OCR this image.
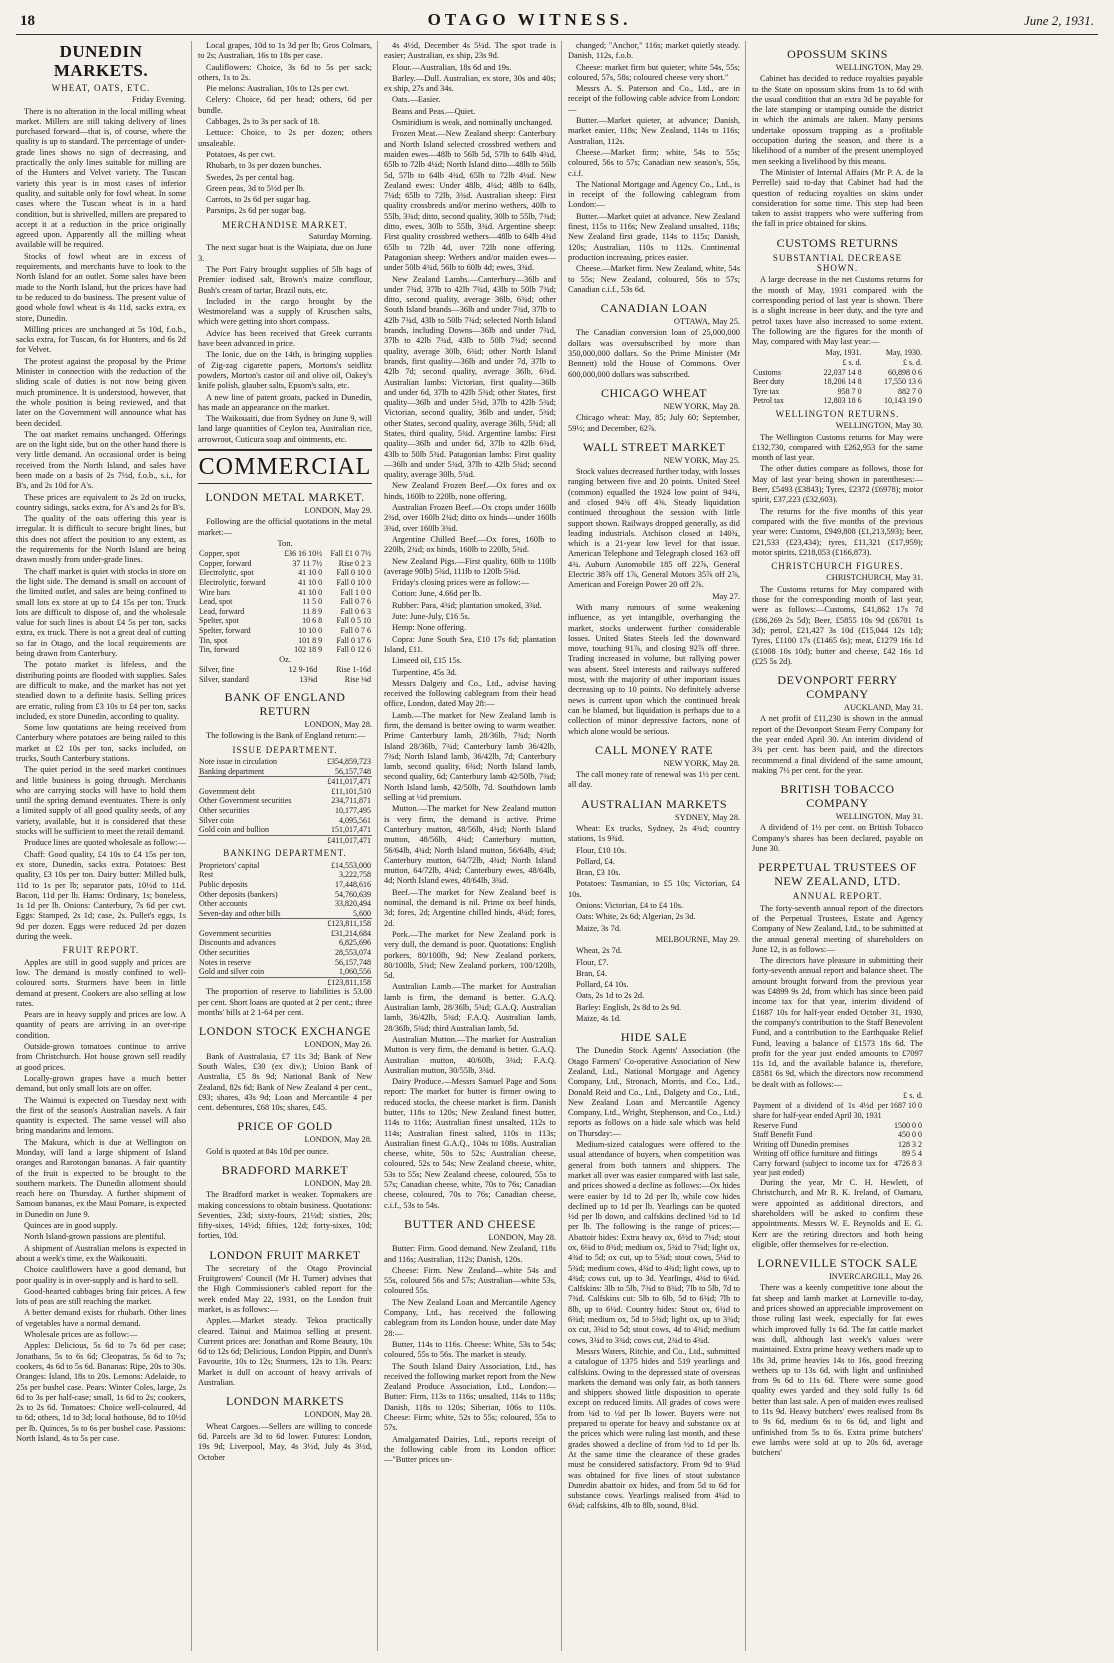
18	OTAGO WITNESS.	June 2, 1931.
DUNEDIN MARKETS.
WHEAT, OATS, ETC.
Friday Evening.

There is no alteration in the local milling wheat market. Millers are still taking delivery of lines purchased forward—that is, of course, where the quality is up to standard. The percentage of under-grade lines shows no sign of decreasing, and practically the only lines suitable for milling are of the Hunters and Velvet variety. The Tuscan variety this year is in most cases of inferior quality, and suitable only for fowl wheat. In some cases where the Tuscan wheat is in a hard condition, but is shrivelled, millers are prepared to accept it at a reduction in the price originally agreed upon. Apparently all the milling wheat available will be required.

Stocks of fowl wheat are in excess of requirements, and merchants have to look to the North Island for an outlet. Some sales have been made to the North Island, but the prices have had to be reduced to do business. The present value of good whole fowl wheat is 4s 11d, sacks extra, ex store, Dunedin.

Milling prices are unchanged at 5s 10d, f.o.b., sacks extra, for Tuscan, 6s for Hunters, and 6s 2d for Velvet.

The protest against the proposal by the Prime Minister in connection with the reduction of the sliding scale of duties is not now being given much prominence. It is understood, however, that the whole position is being reviewed, and that later on the Government will announce what has been decided.

The oat market remains unchanged. Offerings are on the light side, but on the other hand there is very little demand. An occasional order is being received from the North Island, and sales have been made on a basis of 2s 7½d, f.o.b., s.i., for B's, and 2s 10d for A's.

These prices are equivalent to 2s 2d on trucks, country sidings, sacks extra, for A's and 2s for B's.

The quality of the oats offering this year is irregular. It is difficult to secure bright lines, but this does not affect the position to any extent, as the requirements for the North Island are being drawn mostly from under-grade lines.

The chaff market is quiet with stocks in store on the light side. The demand is small on account of the limited outlet, and sales are being confined to small lots ex store at up to £4 15s per ton. Truck lots are difficult to dispose of, and the wholesale value for such lines is about £4 5s per ton, sacks extra, ex truck. There is not a great deal of cutting so far in Otago, and the local requirements are being drawn from Canterbury.

The potato market is lifeless, and the distributing points are flooded with supplies. Sales are difficult to make, and the market has not yet steadied down to a definite basis. Selling prices are erratic, ruling from £3 10s to £4 per ton, sacks included, ex store Dunedin, according to quality.

Some low quotations are being received from Canterbury where potatoes are being railed to this market at £2 10s per ton, sacks included, on trucks, South Canterbury stations.

The quiet period in the seed market continues and little business is going through. Merchants who are carrying stocks will have to hold them until the spring demand eventuates. There is only a limited supply of all good quality seeds, of any variety, available, but it is considered that these stocks will be sufficient to meet the retail demand.

Produce lines are quoted wholesale as follow:—

Chaff: Good quality, £4 10s to £4 15s per ton, ex store, Dunedin, sacks extra. Potatoes: Best quality, £3 10s per ton. Dairy butter: Milled bulk, 11d to 1s per lb; separator pats, 10½d to 11d. Bacon, 11d per lb. Hams: Ordinary, 1s; boneless, 1s 1d per lb. Onions: Canterbury, 7s 6d per cwt. Eggs: Stamped, 2s 1d; case, 2s. Pullet's eggs, 1s 9d per dozen. Eggs were reduced 2d per dozen during the week.

FRUIT REPORT.

Apples are still in good supply and prices are low. The demand is mostly confined to well-coloured sorts. Sturmers have been in little demand at present. Cookers are also selling at low rates.

Pears are in heavy supply and prices are low. A quantity of pears are arriving in an over-ripe condition.

Outside-grown tomatoes continue to arrive from Christchurch. Hot house grown sell readily at good prices.

Locally-grown grapes have a much better demand, but only small lots are on offer.

The Waimui is expected on Tuesday next with the first of the season's Australian navels. A fair quantity is expected. The same vessel will also bring mandarins and lemons.

The Makura, which is due at Wellington on Monday, will land a large shipment of Island oranges and Rarotongan bananas. A fair quantity of the fruit is expected to be brought to the southern markets. The Dunedin allotment should reach here on Thursday. A further shipment of Samoan bananas, ex the Maui Pomare, is expected in Dunedin on June 9.

Quinces are in good supply.

North Island-grown passions are plentiful.

A shipment of Australian melons is expected in about a week's time, ex the Waikouaiti.

Choice cauliflowers have a good demand, but poor quality is in over-supply and is hard to sell.

Good-hearted cabbages bring fair prices. A few lots of peas are still reaching the market.

A better demand exists for rhubarb. Other lines of vegetables have a normal demand.

Wholesale prices are as follow:—

Apples: Delicious, 5s 6d to 7s 6d per case; Jonathans, 5s to 6s 6d; Cleopatras, 5s 6d to 7s; cookers, 4s 6d to 5s 6d. Bananas: Ripe, 20s to 30s. Oranges: Island, 18s to 20s. Lemons: Adelaide, to 25s per bushel case. Pears: Winter Coles, large, 2s 6d to 3s per half-case; small, 1s 6d to 2s; cookers, 2s to 2s 6d. Tomatoes: Choice well-coloured, 4d to 6d; others, 1d to 3d; local hothouse, 8d to 10½d per lb. Quinces, 5s to 6s per bushel case. Passions: North Island, 4s to 5s per case.

Local grapes, 10d to 1s 3d per lb; Gros Colmars, to 2s; Australian, 16s to 18s per case.

Cauliflowers: Choice, 3s 6d to 5s per sack; others, 1s to 2s.

Pie melons: Australian, 10s to 12s per cwt.

Celery: Choice, 6d per head; others, 6d per bundle.

Cabbages, 2s to 3s per sack of 18.

Lettuce: Choice, to 2s per dozen; others unsaleable.

Potatoes, 4s per cwt.

Rhubarb, to 3s per dozen bunches.

Swedes, 2s per cental bag.

Green peas, 3d to 5½d per lb.

Carrots, to 2s 6d per sugar bag.

Parsnips, 2s 6d per sugar bag.

MERCHANDISE MARKET.
Saturday Morning.

The next sugar boat is the Waipiata, due on June 3.

The Port Fairy brought supplies of 5lb bags of Premier iodised salt, Brown's maize cornflour, Bush's cream of tartar, Brazil nuts, etc.

Included in the cargo brought by the Westmoreland was a supply of Kruschen salts, which were getting into short compass.

Advice has been received that Greek currants have been advanced in price.

The Ionic, due on the 14th, is bringing supplies of Zig-zag cigarette papers, Mortons's seidlitz powders, Morton's castor oil and olive oil, Oakey's knife polish, glauber salts, Epsom's salts, etc.

A new line of patent groats, packed in Dunedin, has made an appearance on the market.

The Waikouaiti, due from Sydney on June 9, will land large quantities of Ceylon tea, Australian rice, arrowroot, Cuticura soap and ointments, etc.

COMMERCIAL
LONDON METAL MARKET.
LONDON, May 29.

Following are the official quotations in the metal market:—

Ton.
Copper, spot	£36 16 10½	Fall £1 0 7½
Copper, forward	37 11 7½	Rise 0 2 3
Electrolytic, spot	41 10 0	Fall 0 10 0
Electrolytic, forward	41 10 0	Fall 0 10 0
Wire bars	41 10 0	Fall 1 0 0
Lead, spot	11 5 0	Fall 0 7 6
Lead, forward	11 8 9	Fall 0 6 3
Spelter, spot	10 6 8	Fall 0 5 10
Spelter, forward	10 10 0	Fall 0 7 6
Tin, spot	101 8 9	Fall 0 17 6
Tin, forward	102 18 9	Fall 0 12 6
Oz.
Silver, fine	12 9-16d	Rise 1-16d
Silver, standard	13⅜d	Rise ⅛d
BANK OF ENGLAND RETURN
LONDON, May 28.

The following is the Bank of England return:—

ISSUE DEPARTMENT.
Note issue in circulation	£354,859,723
Banking department	56,157,748
	£411,017,471
Government debt	£11,101,510
Other Government securities	234,711,871
Other securities	10,177,495
Silver coin	4,095,561
Gold coin and bullion	151,017,471
	£411,017,471
BANKING DEPARTMENT.
Proprietors' capital	£14,553,000
Rest	3,222,758
Public deposits	17,448,616
Other deposits (bankers)	54,760,639
Other accounts	33,820,494
Seven-day and other bills	5,600
	£123,811,158
Government securities	£31,214,684
Discounts and advances	6,825,696
Other securities	28,553,074
Notes in reserve	56,157,748
Gold and silver coin	1,060,556
	£123,811,158

The proportion of reserve to liabilities is 53.00 per cent. Short loans are quoted at 2 per cent.; three months' bills at 2 1-64 per cent.

LONDON STOCK EXCHANGE
LONDON, May 26.

Bank of Australasia, £7 11s 3d; Bank of New South Wales, £30 (ex div.); Union Bank of Australia, £5 8s 9d; National Bank of New Zealand, 82s 6d; Bank of New Zealand 4 per cent., £93; shares, 43s 9d; Loan and Mercantile 4 per cent. debentures, £68 10s; shares, £45.

PRICE OF GOLD
LONDON, May 28.

Gold is quoted at 84s 10d per ounce.

BRADFORD MARKET
LONDON, May 28.

The Bradford market is weaker. Topmakers are making concessions to obtain business. Quotations: Seventies, 23d; sixty-fours, 21½d; sixties, 20s; fifty-sixes, 14½d; fifties, 12d; forty-sixes, 10d; forties, 10d.

LONDON FRUIT MARKET

The secretary of the Otago Provincial Fruitgrowers' Council (Mr H. Turner) advises that the High Commissioner's cabled report for the week ended May 22, 1931, on the London fruit market, is as follows:—

Apples.—Market steady. Tekoa practically cleared. Tainui and Maimoa selling at present. Current prices are: Jonathan and Rome Beauty, 10s 6d to 12s 6d; Delicious, London Pippin, and Dunn's Favourite, 10s to 12s; Sturmers, 12s to 13s. Pears: Market is dull on account of heavy arrivals of Australian.

LONDON MARKETS
LONDON, May 28.

Wheat Cargoes.—Sellers are willing to concede 6d. Parcels are 3d to 6d lower. Futures: London, 19s 9d; Liverpool, May, 4s 3½d, July 4s 3½d, October

4s 4½d, December 4s 5¼d. The spot trade is easier; Australian, ex ship, 23s 9d.

Flour.—Australian, 18s 6d and 19s.

Barley.—Dull. Australian, ex store, 30s and 40s; ex ship, 27s and 34s.

Oats.—Easier.

Beans and Peas.—Quiet.

Osmiridium is weak, and nominally unchanged.

Frozen Meat.—New Zealand sheep: Canterbury and North Island selected crossbred wethers and maiden ewes—48lb to 56lb 5d, 57lb to 64lb 4¾d, 65lb to 72lb 4¼d; North Island ditto—48lb to 56lb 5d, 57lb to 64lb 4¾d, 65lb to 72lb 4¼d. New Zealand ewes: Under 48lb, 4¼d; 48lb to 64lb, 7¼d; 65lb to 72lb, 3¾d. Australian sheep: First quality crossbreds and/or merino wethers, 40lb to 55lb, 3¾d; ditto, second quality, 30lb to 55lb, 7¾d; ditto, ewes, 30lb to 55lb, 3¾d. Argentine sheep: First quality crossbred wethers—48lb to 64lb 4¾d 65lb to 72lb 4d, over 72lb none offering. Patagonian sheep: Wethers and/or maiden ewes—under 50lb 4¾d, 56lb to 60lb 4d; ewes, 3¾d.

New Zealand Lambs.—Canterbury—36lb and under 7¾d, 37lb to 42lb 7¾d, 43lb to 50lb 7¾d; ditto, second quality, average 36lb, 6¾d; other South Island brands—36lb and under 7¾d, 37lb to 42lb 7¾d, 43lb to 50lb 7¾d; selected North Island brands, including Downs—36lb and under 7¾d, 37lb to 42lb 7¾d, 43lb to 50lb 7¾d; second quality, average 30lb, 6¾d; other North Island brands, first quality—36lb and under 7d, 37lb to 42lb 7d; second quality, average 36lb, 6¾d. Australian lambs: Victorian, first quality—36lb and under 6d, 37lb to 42lb 5¾d; other States, first quality—36lb and under 5¾d, 37lb to 42lb 5¾d; Victorian, second quality, 36lb and under, 5¾d; other States, second quality, average 36lb, 5¾d; all States, third quality, 5¾d. Argentine lambs: First quality—36lb and under 6d, 37lb to 42lb 6¾d, 43lb to 50lb 5¾d. Patagonian lambs: First quality—36lb and under 5¾d, 37lb to 42lb 5¾d; second quality, average 30lb, 5¾d.

New Zealand Frozen Beef.—Ox fores and ox hinds, 160lb to 220lb, none offering.

Australian Frozen Beef.—Ox crops under 160lb 2¾d, over 160lb 2¾d; ditto ox hinds—under 160lb 3¾d, over 160lb 3¾d.

Argentine Chilled Beef.—Ox fores, 160lb to 220lb, 2¾d; ox hinds, 160lb to 220lb, 5¾d.

New Zealand Pigs.—First quality, 60lb to 110lb (average 90lb) 5¾d, 111lb to 120lb 5¾d.

Friday's closing prices were as follow:—

Cotton: June, 4.66d per lb.

Rubber: Para, 4¾d; plantation smoked, 3¾d.

Jute: June-July, £16 5s.

Hemp: None offering.

Copra: June South Sea, £10 17s 6d; plantation Island, £11.

Linseed oil, £15 15s.

Turpentine, 45s 3d.

Messrs Dalgety and Co., Ltd., advise having received the following cablegram from their head office, London, dated May 28:—

Lamb.—The market for New Zealand lamb is firm, the demand is better owing to warm weather. Prime Canterbury lamb, 28/36lb, 7¾d; North Island 28/36lb, 7¾d; Canterbury lamb 36/42lb, 7¾d; North Island lamb, 36/42lb, 7d; Canterbury lamb, second quality, 6¾d; North Island lamb, second quality, 6d; Canterbury lamb 42/50lb, 7¾d; North Island lamb, 42/50lb, 7d. Southdown lamb selling at ½d premium.

Mutton.—The market for New Zealand mutton is very firm, the demand is active. Prime Canterbury mutton, 48/56lb, 4¾d; North Island mutton, 48/56lb, 4¾d; Canterbury mutton, 56/64lb, 4¾d; North Island mutton, 56/64lb, 4¾d; Canterbury mutton, 64/72lb, 4¾d; North Island mutton, 64/72lb, 4¾d; Canterbury ewes, 48/64lb, 4d; North Island ewes, 48/64lb, 3¾d.

Beef.—The market for New Zealand beef is nominal, the demand is nil. Prime ox beef hinds, 3d; fores, 2d; Argentine chilled hinds, 4¼d; fores, 2d.

Pork.—The market for New Zealand pork is very dull, the demand is poor. Quotations: English porkers, 80/100lb, 9d; New Zealand porkers, 80/100lb, 5¾d; New Zealand porkers, 100/120lb, 5d.

Australian Lamb.—The market for Australian lamb is firm, the demand is better. G.A.Q. Australian lamb, 28/36lb, 5¾d; G.A.Q. Australian lamb, 36/42lb, 5¾d; F.A.Q. Australian lamb, 28/36lb, 5¾d; third Australian lamb, 5d.

Australian Mutton.—The market for Australian Mutton is very firm, the demand is better. G.A.Q. Australian mutton, 40/60lb, 3¾d; F.A.Q. Australian mutton, 30/55lb, 3¾d.

Dairy Produce.—Messrs Samuel Page and Sons report: The market for butter is firmer owing to reduced stocks, the cheese market is firm. Danish butter, 118s to 120s; New Zealand finest butter, 114s to 116s; Australian finest unsalted, 112s to 114s; Australian finest salted, 110s to 113s; Australian finest G.A.Q., 104s to 108s. Australian cheese, white, 50s to 52s; Australian cheese, coloured, 52s to 54s; New Zealand cheese, white, 53s to 55s; New Zealand cheese, coloured, 55s to 57s; Canadian cheese, white, 70s to 76s; Canadian cheese, coloured, 70s to 76s; Canadian cheese, c.i.f., 53s to 54s.

BUTTER AND CHEESE
LONDON, May 28.

Butter: Firm. Good demand. New Zealand, 118s and 116s; Australian, 112s; Danish, 120s.

Cheese: Firm. New Zealand—white 54s and 55s, coloured 56s and 57s; Australian—white 53s, coloured 55s.

The New Zealand Loan and Mercantile Agency Company, Ltd., has received the following cablegram from its London house, under date May 28:—

Butter, 114s to 116s. Cheese: White, 53s to 54s; coloured, 55s to 56s. The market is steady.

The South Island Dairy Association, Ltd., has received the following market report from the New Zealand Produce Association, Ltd., London:—Butter: Firm, 113s to 116s; unsalted, 114s to 118s; Danish, 118s to 120s; Siberian, 106s to 110s. Cheese: Firm; white, 52s to 55s; coloured, 55s to 57s.

Amalgamated Dairies, Ltd., reports receipt of the following cable from its London office:—"Butter prices un-

changed; "Anchor," 116s; market quietly steady. Danish, 112s, f.o.b.

Cheese: market firm but quieter; white 54s, 55s; coloured, 57s, 58s; coloured cheese very short."

Messrs A. S. Paterson and Co., Ltd., are in receipt of the following cable advice from London:—

Butter.—Market quieter, at advance; Danish, market easier, 118s; New Zealand, 114s to 116s; Australian, 112s.

Cheese.—Market firm; white, 54s to 55s; coloured, 56s to 57s; Canadian new season's, 55s, c.i.f.

The National Mortgage and Agency Co., Ltd., is in receipt of the following cablegram from London:—

Butter.—Market quiet at advance. New Zealand finest, 115s to 116s; New Zealand unsalted, 118s; New Zealand first grade, 114s to 115s; Danish, 120s; Australian, 110s to 112s. Continental production increasing, prices easier.

Cheese.—Market firm. New Zealand, white, 54s to 55s; New Zealand, coloured, 56s to 57s; Canadian c.i.f., 53s 6d.

CANADIAN LOAN
OTTAWA, May 25.

The Canadian conversion loan of 25,000,000 dollars was oversubscribed by more than 350,000,000 dollars. So the Prime Minister (Mr Bennett) told the House of Commons. Over 600,000,000 dollars was subscribed.

CHICAGO WHEAT
NEW YORK, May 28.

Chicago wheat: May, 85; July 60; September, 59½; and December, 62⅞.

WALL STREET MARKET
NEW YORK, May 25.

Stock values decreased further today, with losses ranging between five and 20 points. United Steel (common) equalled the 1924 low point of 94¾, and closed 94¾ off 4⅜. Steady liquidation continued throughout the session with little support shown. Railways dropped generally, as did leading industrials. Atchison closed at 140¾, which is a 21-year low level for that issue. American Telephone and Telegraph closed 163 off 4¾. Auburn Automobile 185 off 22⅞, General Electric 38⅞ off 1⅞, General Motors 35⅞ off 2⅞, American and Foreign Power 20 off 2⅞.

May 27.

With many rumours of some weakening influence, as yet intangible, overhanging the market, stocks underwent further considerable losses. United States Steels led the downward move, touching 91⅞, and closing 92⅞ off three. Trading increased in volume, but rallying power was absent. Steel interests and railways suffered most, with the majority of other important issues decreasing up to 10 points. No definitely adverse news is current upon which the continued break can be blamed, but liquidation is perhaps due to a collection of minor depressive factors, none of which alone would be serious.

CALL MONEY RATE
NEW YORK, May 28.

The call money rate of renewal was 1½ per cent. all day.

AUSTRALIAN MARKETS
SYDNEY, May 28.

Wheat: Ex trucks, Sydney, 2s 4¾d; country stations, 1s 9¾d.

Flour, £10 10s.

Pollard, £4.

Bran, £3 10s.

Potatoes: Tasmanian, to £5 10s; Victorian, £4 10s.

Onions: Victorian, £4 to £4 10s.

Oats: White, 2s 6d; Algerian, 2s 3d.

Maize, 3s 7d.

MELBOURNE, May 29.

Wheat, 2s 7d.

Flour, £7.

Bran, £4.

Pollard, £4 10s.

Oats, 2s 1d to 2s 2d.

Barley: English, 2s 8d to 2s 9d.

Maize, 4s 1d.

HIDE SALE

The Dunedin Stock Agents' Association (the Otago Farmers' Co-operative Association of New Zealand, Ltd., National Mortgage and Agency Company, Ltd., Stronach, Morris, and Co., Ltd., Donald Reid and Co., Ltd., Dalgety and Co., Ltd., New Zealand Loan and Mercantile Agency Company, Ltd., Wright, Stephenson, and Co., Ltd.) reports as follows on a hide sale which was held on Thursday:—

Medium-sized catalogues were offered to the usual attendance of buyers, when competition was general from both tanners and shippers. The market all over was easier compared with last sale, and prices showed a decline as follows:—Ox hides were easier by 1d to 2d per lb, while cow hides declined up to 1d per lb. Yearlings can be quoted ½d per lb down, and calfskins declined ½d to 1d per lb. The following is the range of prices:—Abattoir hides: Extra heavy ox, 6½d to 7¼d; stout ox, 6¼d to 8¾d; medium ox, 5¾d to 7¼d; light ox, 4¾d to 5d; ox cut, up to 5¾d; stout cows, 5¼d to 5¾d; medium cows, 4¾d to 4¾d; light cows, up to 4¾d; cows cut, up to 3d. Yearlings, 4¾d to 6¼d. Calfskins: 3lb to 5lb, 7¾d to 8¾d; 7lb to 5lb, 7d to 7¾d. Calfskins cut: 5lb to 6lb, 5d to 6¾d; 7lb to 8lb, up to 6¼d. Country hides: Stout ox, 6¾d to 6¾d; medium ox, 5d to 5¾d; light ox, up to 3¾d; ox cut, 3¾d to 5d; stout cows, 4d to 4¾d; medium cows, 3¾d to 3¾d; cows cut, 2¾d to 4¾d.

Messrs Waters, Ritchie, and Co., Ltd., submitted a catalogue of 1375 hides and 519 yearlings and calfskins. Owing to the depressed state of overseas markets the demand was only fair, as both tanners and shippers showed little disposition to operate except on reduced limits. All grades of cows were from ¼d to ½d per lb lower. Buyers were not prepared to operate for heavy and substance ox at the prices which were ruling last month, and these grades showed a decline of from ½d to 1d per lb. At the same time the clearance of these grades must be considered satisfactory. From 9d to 9¾d was obtained for five lines of stout substance Dunedin abattoir ox hides, and from 5d to 6d for substance cows. Yearlings realised from 4¼d to 6¼d; calfskins, 4lb to 8lb, sound, 8¾d.

OPOSSUM SKINS
WELLINGTON, May 29.

Cabinet has decided to reduce royalties payable to the State on opossum skins from 1s to 6d with the usual condition that an extra 3d be payable for the late stamping or stamping outside the district in which the animals are taken. Many persons undertake opossum trapping as a profitable occupation during the season, and there is a likelihood of a number of the present unemployed men seeking a livelihood by this means.

The Minister of Internal Affairs (Mr P. A. de la Perrelle) said to-day that Cabinet had had the question of reducing royalties on skins under consideration for some time. This step had been taken to assist trappers who were suffering from the fall in price obtained for skins.

CUSTOMS RETURNS
SUBSTANTIAL DECREASE SHOWN.

A large decrease in the net Customs returns for the month of May, 1931 compared with the corresponding period of last year is shown. There is a slight increase in beer duty, and the tyre and petrol taxes have also increased to some extent. The following are the figures for the month of May, compared with May last year:—

	May, 1931.	May, 1930.
	£ s. d.	£ s. d.
Customs	22,037 14 8	60,898 0 6
Beer duty	18,206 14 8	17,550 13 6
Tyre tax	958 7 0	882 7 0
Petrol tax	12,803 18 6	10,143 19 0
WELLINGTON RETURNS.
WELLINGTON, May 30.

The Wellington Customs returns for May were £132,730, compared with £262,953 for the same month of last year.

The other duties compare as follows, those for May of last year being shown in parentheses:—Beer, £5493 (£3843); Tyres, £2372 (£6978); motor spirit, £37,223 (£32,603).

The returns for the five months of this year compared with the five months of the previous year were: Customs, £949,808 (£1,213,593); beer, £21,533 (£23,434); tyres, £11,321 (£17,959); motor spirits, £218,053 (£166,873).

CHRISTCHURCH FIGURES.
CHRISTCHURCH, May 31.

The Customs returns for May compared with those for the corresponding month of last year, were as follows:—Customs, £41,862 17s 7d (£86,269 2s 5d); Beer, £5855 10s 9d (£6701 1s 3d); petrol, £21,427 3s 10d (£15,044 12s 1d); Tyres, £1100 17s (£1465 6s); meat, £1279 16s 1d (£1008 10s 10d); butter and cheese, £42 16s 1d (£25 5s 2d).

DEVONPORT FERRY COMPANY
AUCKLAND, May 31.

A net profit of £11,230 is shown in the annual report of the Devonport Steam Ferry Company for the year ended April 30. An interim dividend of 3¾ per cent. has been paid, and the directors recommend a final dividend of the same amount, making 7½ per cent. for the year.

BRITISH TOBACCO COMPANY
WELLINGTON, May 31.

A dividend of 1½ per cent. on British Tobacco Company's shares has been declared, payable on June 30.

PERPETUAL TRUSTEES OF NEW ZEALAND, LTD.
ANNUAL REPORT.

The forty-seventh annual report of the directors of the Perpetual Trustees, Estate and Agency Company of New Zealand, Ltd., to be submitted at the annual general meeting of shareholders on June 12, is as follows:—

The directors have pleasure in submitting their forty-seventh annual report and balance sheet. The amount brought forward from the previous year was £4899 9s 2d, from which has since been paid income tax for that year, interim dividend of £1687 10s for half-year ended October 31, 1930, the company's contribution to the Staff Benevolent Fund, and a contribution to the Earthquake Relief Fund, leaving a balance of £1573 18s 6d. The profit for the year just ended amounts to £7097 11s 1d, and the available balance is, therefore, £8581 6s 9d, which the directors now recommend be dealt with as follows:—

£ s. d.
Payment of a dividend of 1s 4½d per share for half-year ended April 30, 1931	1687 10 0
Reserve Fund	1500 0 0
Staff Benefit Fund	450 0 0
Writing off Dunedin premises	128 3 2
Writing off office furniture and fittings	89 5 4
Carry forward (subject to income tax for year just ended)	4726 8 3

During the year, Mr C. H. Hewlett, of Christchurch, and Mr R. K. Ireland, of Oamaru, were appointed as additional directors, and shareholders will be asked to confirm these appointments. Messrs W. E. Reynolds and E. G. Kerr are the retiring directors and both being eligible, offer themselves for re-election.

LORNEVILLE STOCK SALE
INVERCARGILL, May 26.

There was a keenly competitive tone about the fat sheep and lamb market at Lorneville to-day, and prices showed an appreciable improvement on those ruling last week, especially for fat ewes which improved fully 1s 6d. The fat cattle market was dull, although last week's values were maintained. Extra prime heavy wethers made up to 18s 3d, prime heavies 14s to 16s, good freezing wethers up to 13s 6d, with light and unfinished from 9s 6d to 11s 6d. There were some good quality ewes yarded and they sold fully 1s 6d better than last sale. A pen of maiden ewes realised to 11s 9d. Heavy butchers' ewes realised from 8s to 9s 6d, medium 6s to 6s 6d, and light and unfinished from 5s to 6s. Extra prime butchers' ewe lambs were sold at up to 20s 6d, average butchers'
